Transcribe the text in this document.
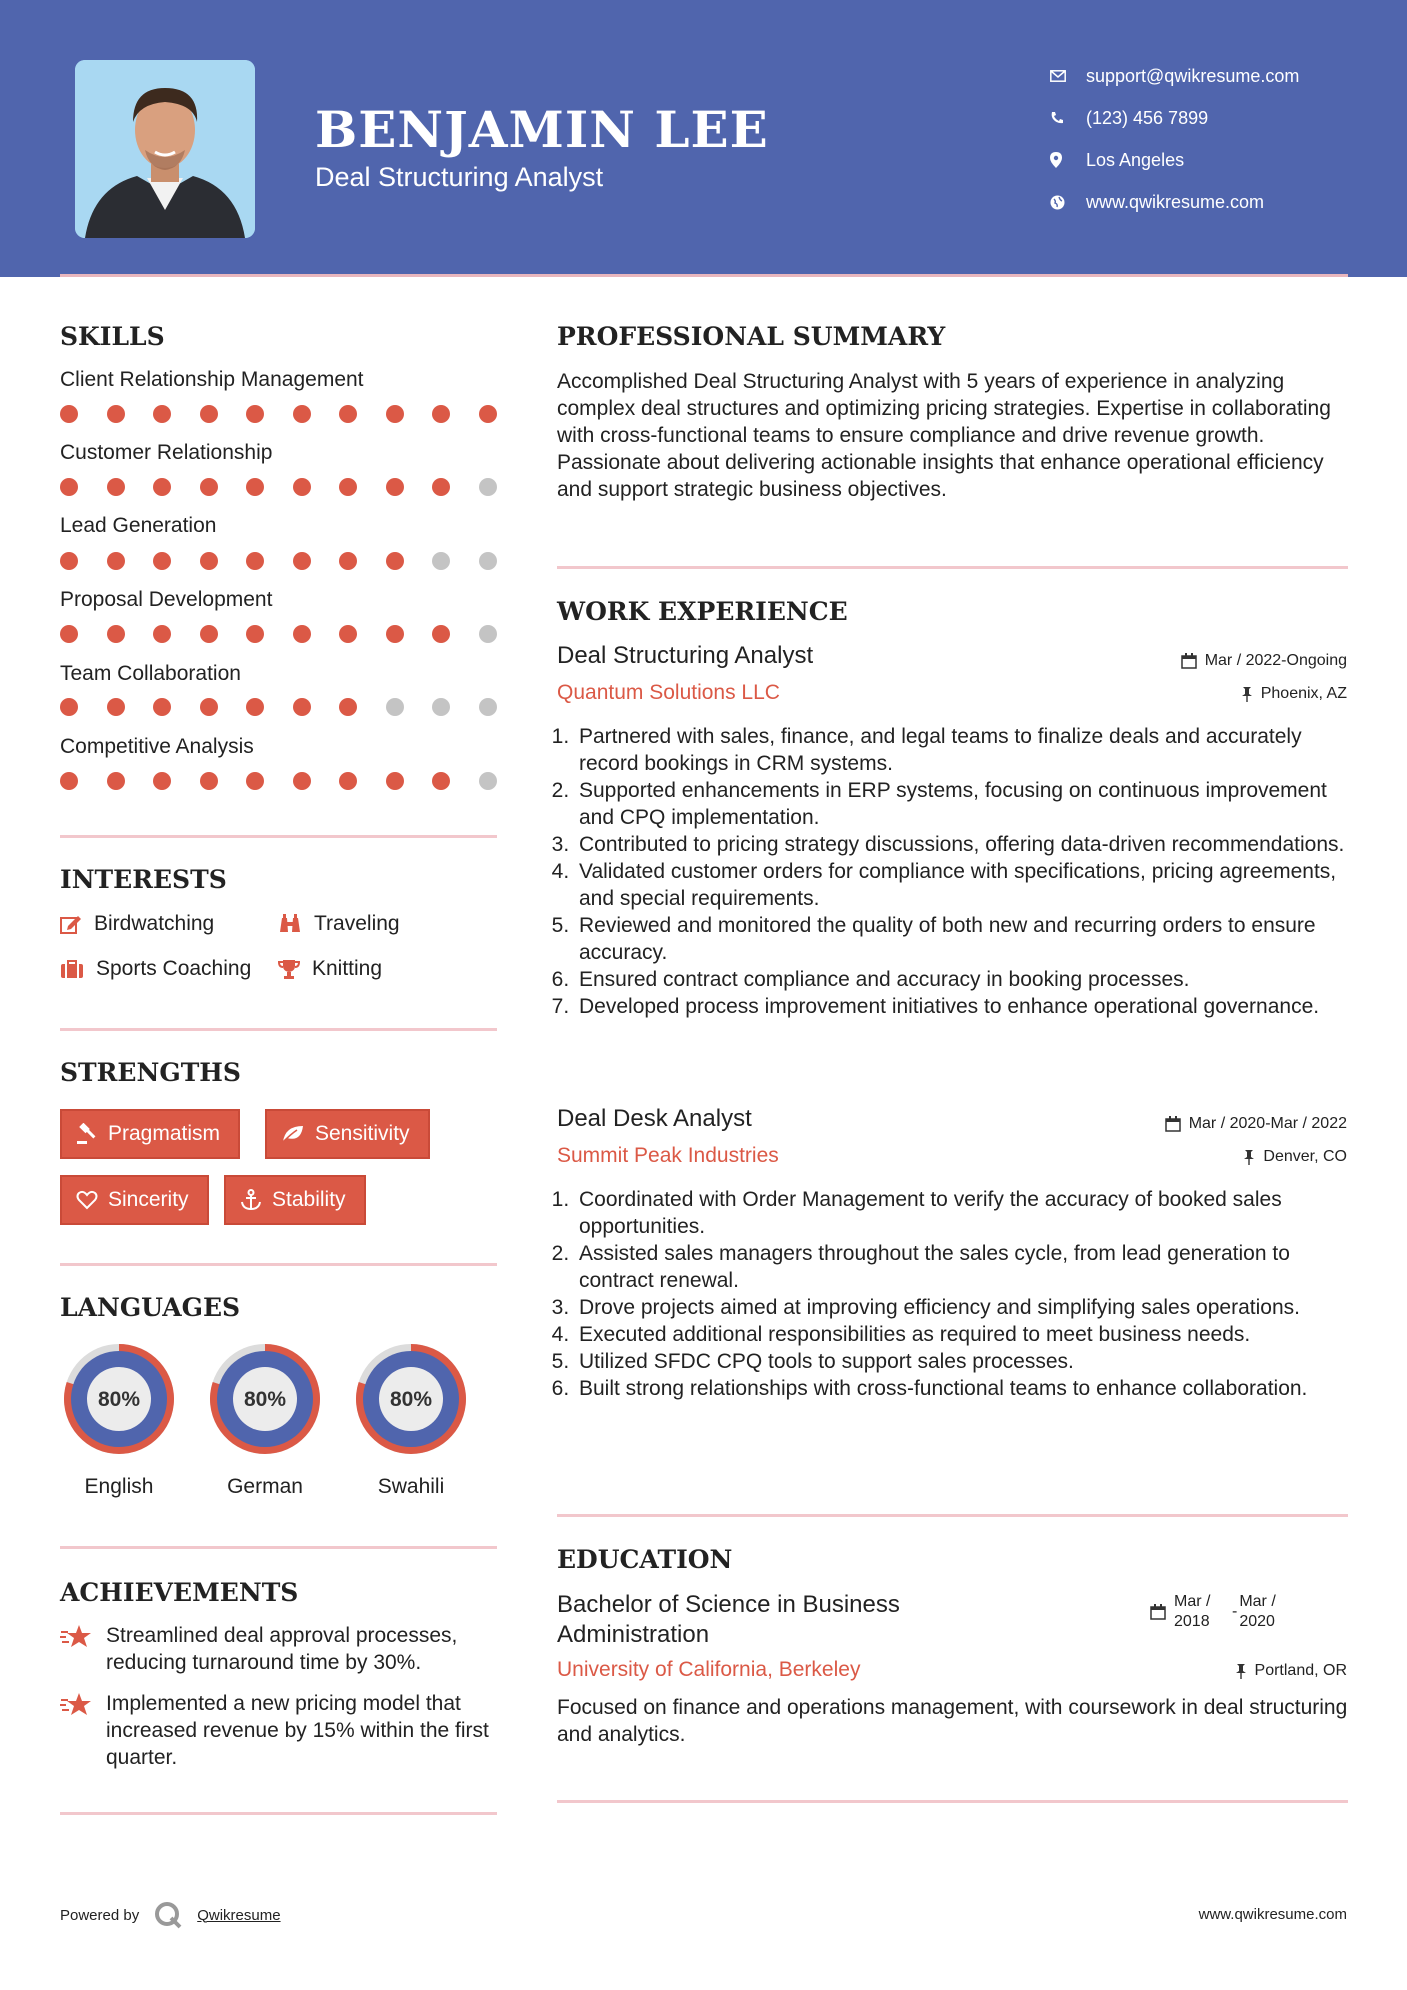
BENJAMIN LEE
Deal Structuring Analyst
support@qwikresume.com
(123) 456 7899
Los Angeles
www.qwikresume.com
SKILLS
Client Relationship Management
Customer Relationship
Lead Generation
Proposal Development
Team Collaboration
Competitive Analysis
INTERESTS
Birdwatching	Traveling
Sports Coaching	Knitting
STRENGTHS
Pragmatism	Sensitivity
Sincerity	Stability
LANGUAGES
80%	80%	80%
English	German	Swahili
ACHIEVEMENTS
Streamlined deal approval processes, reducing turnaround time by 30%.
Implemented a new pricing model that increased revenue by 15% within the first quarter.
PROFESSIONAL SUMMARY
Accomplished Deal Structuring Analyst with 5 years of experience in analyzing complex deal structures and optimizing pricing strategies. Expertise in collaborating with cross-functional teams to ensure compliance and drive revenue growth. Passionate about delivering actionable insights that enhance operational efficiency and support strategic business objectives.
WORK EXPERIENCE
Deal Structuring Analyst	Mar / 2022-Ongoing
Quantum Solutions LLC	Phoenix, AZ
1. Partnered with sales, finance, and legal teams to finalize deals and accurately record bookings in CRM systems.
2. Supported enhancements in ERP systems, focusing on continuous improvement and CPQ implementation.
3. Contributed to pricing strategy discussions, offering data-driven recommendations.
4. Validated customer orders for compliance with specifications, pricing agreements, and special requirements.
5. Reviewed and monitored the quality of both new and recurring orders to ensure accuracy.
6. Ensured contract compliance and accuracy in booking processes.
7. Developed process improvement initiatives to enhance operational governance.
Deal Desk Analyst	Mar / 2020-Mar / 2022
Summit Peak Industries	Denver, CO
1. Coordinated with Order Management to verify the accuracy of booked sales opportunities.
2. Assisted sales managers throughout the sales cycle, from lead generation to contract renewal.
3. Drove projects aimed at improving efficiency and simplifying sales operations.
4. Executed additional responsibilities as required to meet business needs.
5. Utilized SFDC CPQ tools to support sales processes.
6. Built strong relationships with cross-functional teams to enhance collaboration.
EDUCATION
Bachelor of Science in Business Administration
Mar /
2018
-
Mar /
2020
University of California, Berkeley	Portland, OR
Focused on finance and operations management, with coursework in deal structuring and analytics.
Powered by	Qwikresume	www.qwikresume.com
